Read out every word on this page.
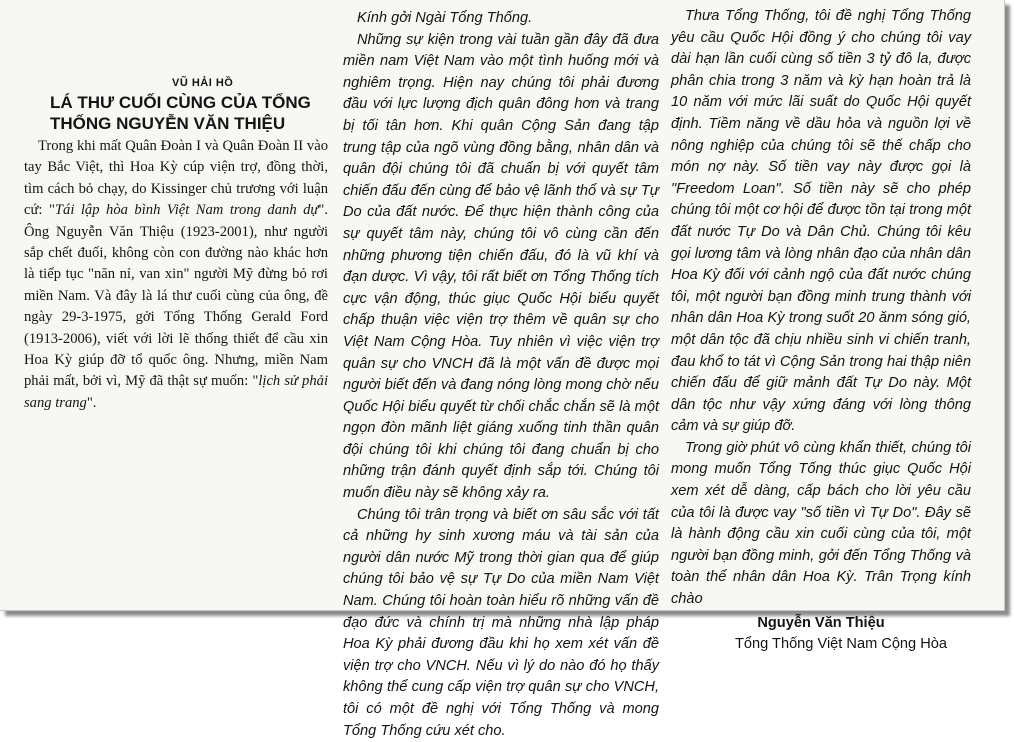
VŨ HẢI HỒ
LÁ THƯ CUỐI CÙNG CỦA TỔNG
THỐNG NGUYỄN VĂN THIỆU

Trong khi mất Quân Đoàn I và Quân Đoàn II vào tay Bắc Việt, thì Hoa Kỳ cúp viện trợ, đồng thời, tìm cách bỏ chạy, do Kissinger chủ trương với luận cứ: "Tái lập hòa bình Việt Nam trong danh dự". Ông Nguyễn Văn Thiệu (1923-2001), như người sắp chết đuối, không còn con đường nào khác hơn là tiếp tục "năn nỉ, van xin" người Mỹ đừng bỏ rơi miền Nam. Và đây là lá thư cuối cùng của ông, đề ngày 29-3-1975, gởi Tổng Thống Gerald Ford (1913-2006), viết với lời lẽ thống thiết để cầu xin Hoa Kỳ giúp đỡ tổ quốc ông. Nhưng, miền Nam phải mất, bởi vì, Mỹ đã thật sự muốn: "lịch sử phải sang trang".

Kính gởi Ngài Tổng Thống.

Những sự kiện trong vài tuần gần đây đã đưa miền nam Việt Nam vào một tình huống mới và nghiêm trọng. Hiện nay chúng tôi phải đương đầu với lực lượng địch quân đông hơn và trang bị tối tân hơn. Khi quân Cộng Sản đang tập trung tập của ngõ vùng đồng bằng, nhân dân và quân đội chúng tôi đã chuẩn bị với quyết tâm chiến đấu đến cùng để bảo vệ lãnh thổ và sự Tự Do của đất nước. Để thực hiện thành công của sự quyết tâm này, chúng tôi vô cùng cần đến những phương tiện chiến đấu, đó là vũ khí và đạn dược. Vì vậy, tôi rất biết ơn Tổng Thống tích cực vận động, thúc giục Quốc Hội biểu quyết chấp thuận việc viện trợ thêm về quân sự cho Việt Nam Cộng Hòa. Tuy nhiên vì việc viện trợ quân sự cho VNCH đã là một vấn đề được mọi người biết đến và đang nóng lòng mong chờ nếu Quốc Hội biểu quyết từ chối chắc chắn sẽ là một ngọn đòn mãnh liệt giáng xuống tinh thần quân đội chúng tôi khi chúng tôi đang chuẩn bị cho những trận đánh quyết định sắp tới. Chúng tôi muốn điều này sẽ không xảy ra.

Chúng tôi trân trọng và biết ơn sâu sắc với tất cả những hy sinh xương máu và tài sản của người dân nước Mỹ trong thời gian qua để giúp chúng tôi bảo vệ sự Tự Do của miền Nam Việt Nam. Chúng tôi hoàn toàn hiểu rõ những vấn đề đạo đức và chính trị mà những nhà lập pháp Hoa Kỳ phải đương đầu khi họ xem xét vấn đề viện trợ cho VNCH. Nếu vì lý do nào đó họ thấy không thể cung cấp viện trợ quân sự cho VNCH, tôi có một đề nghị với Tổng Thống và mong Tổng Thống cứu xét cho.

Thưa Tổng Thống, tôi đề nghị Tổng Thống yêu cầu Quốc Hội đồng ý cho chúng tôi vay dài hạn lần cuối cùng số tiền 3 tỷ đô la, được phân chia trong 3 năm và kỳ hạn hoàn trả là 10 năm với mức lãi suất do Quốc Hội quyết định. Tiềm năng về dầu hỏa và nguồn lợi về nông nghiệp của chúng tôi sẽ thế chấp cho món nợ này. Số tiền vay này được gọi là "Freedom Loan". Số tiền này sẽ cho phép chúng tôi một cơ hội để được tồn tại trong một đất nước Tự Do và Dân Chủ. Chúng tôi kêu gọi lương tâm và lòng nhân đạo của nhân dân Hoa Kỳ đối với cảnh ngộ của đất nước chúng tôi, một người bạn đồng minh trung thành với nhân dân Hoa Kỳ trong suốt 20 ănm sóng gió, một dân tộc đã chịu nhiều sinh vi chiến tranh, đau khổ to tát vì Cộng Sản trong hai thập niên chiến đấu để giữ mảnh đất Tự Do này. Một dân tộc như vậy xứng đáng với lòng thông cảm và sự giúp đỡ.

Trong giờ phút vô cùng khẩn thiết, chúng tôi mong muốn Tổng Tống thúc giục Quốc Hội xem xét dễ dàng, cấp bách cho lời yêu cầu của tôi là được vay "số tiền vì Tự Do". Đây sẽ là hành động cầu xin cuối cùng của tôi, một người bạn đồng minh, gởi đến Tổng Thống và toàn thể nhân dân Hoa Kỳ. Trân Trọng kính chào

Nguyễn Văn Thiệu
Tổng Thống Việt Nam Cộng Hòa
